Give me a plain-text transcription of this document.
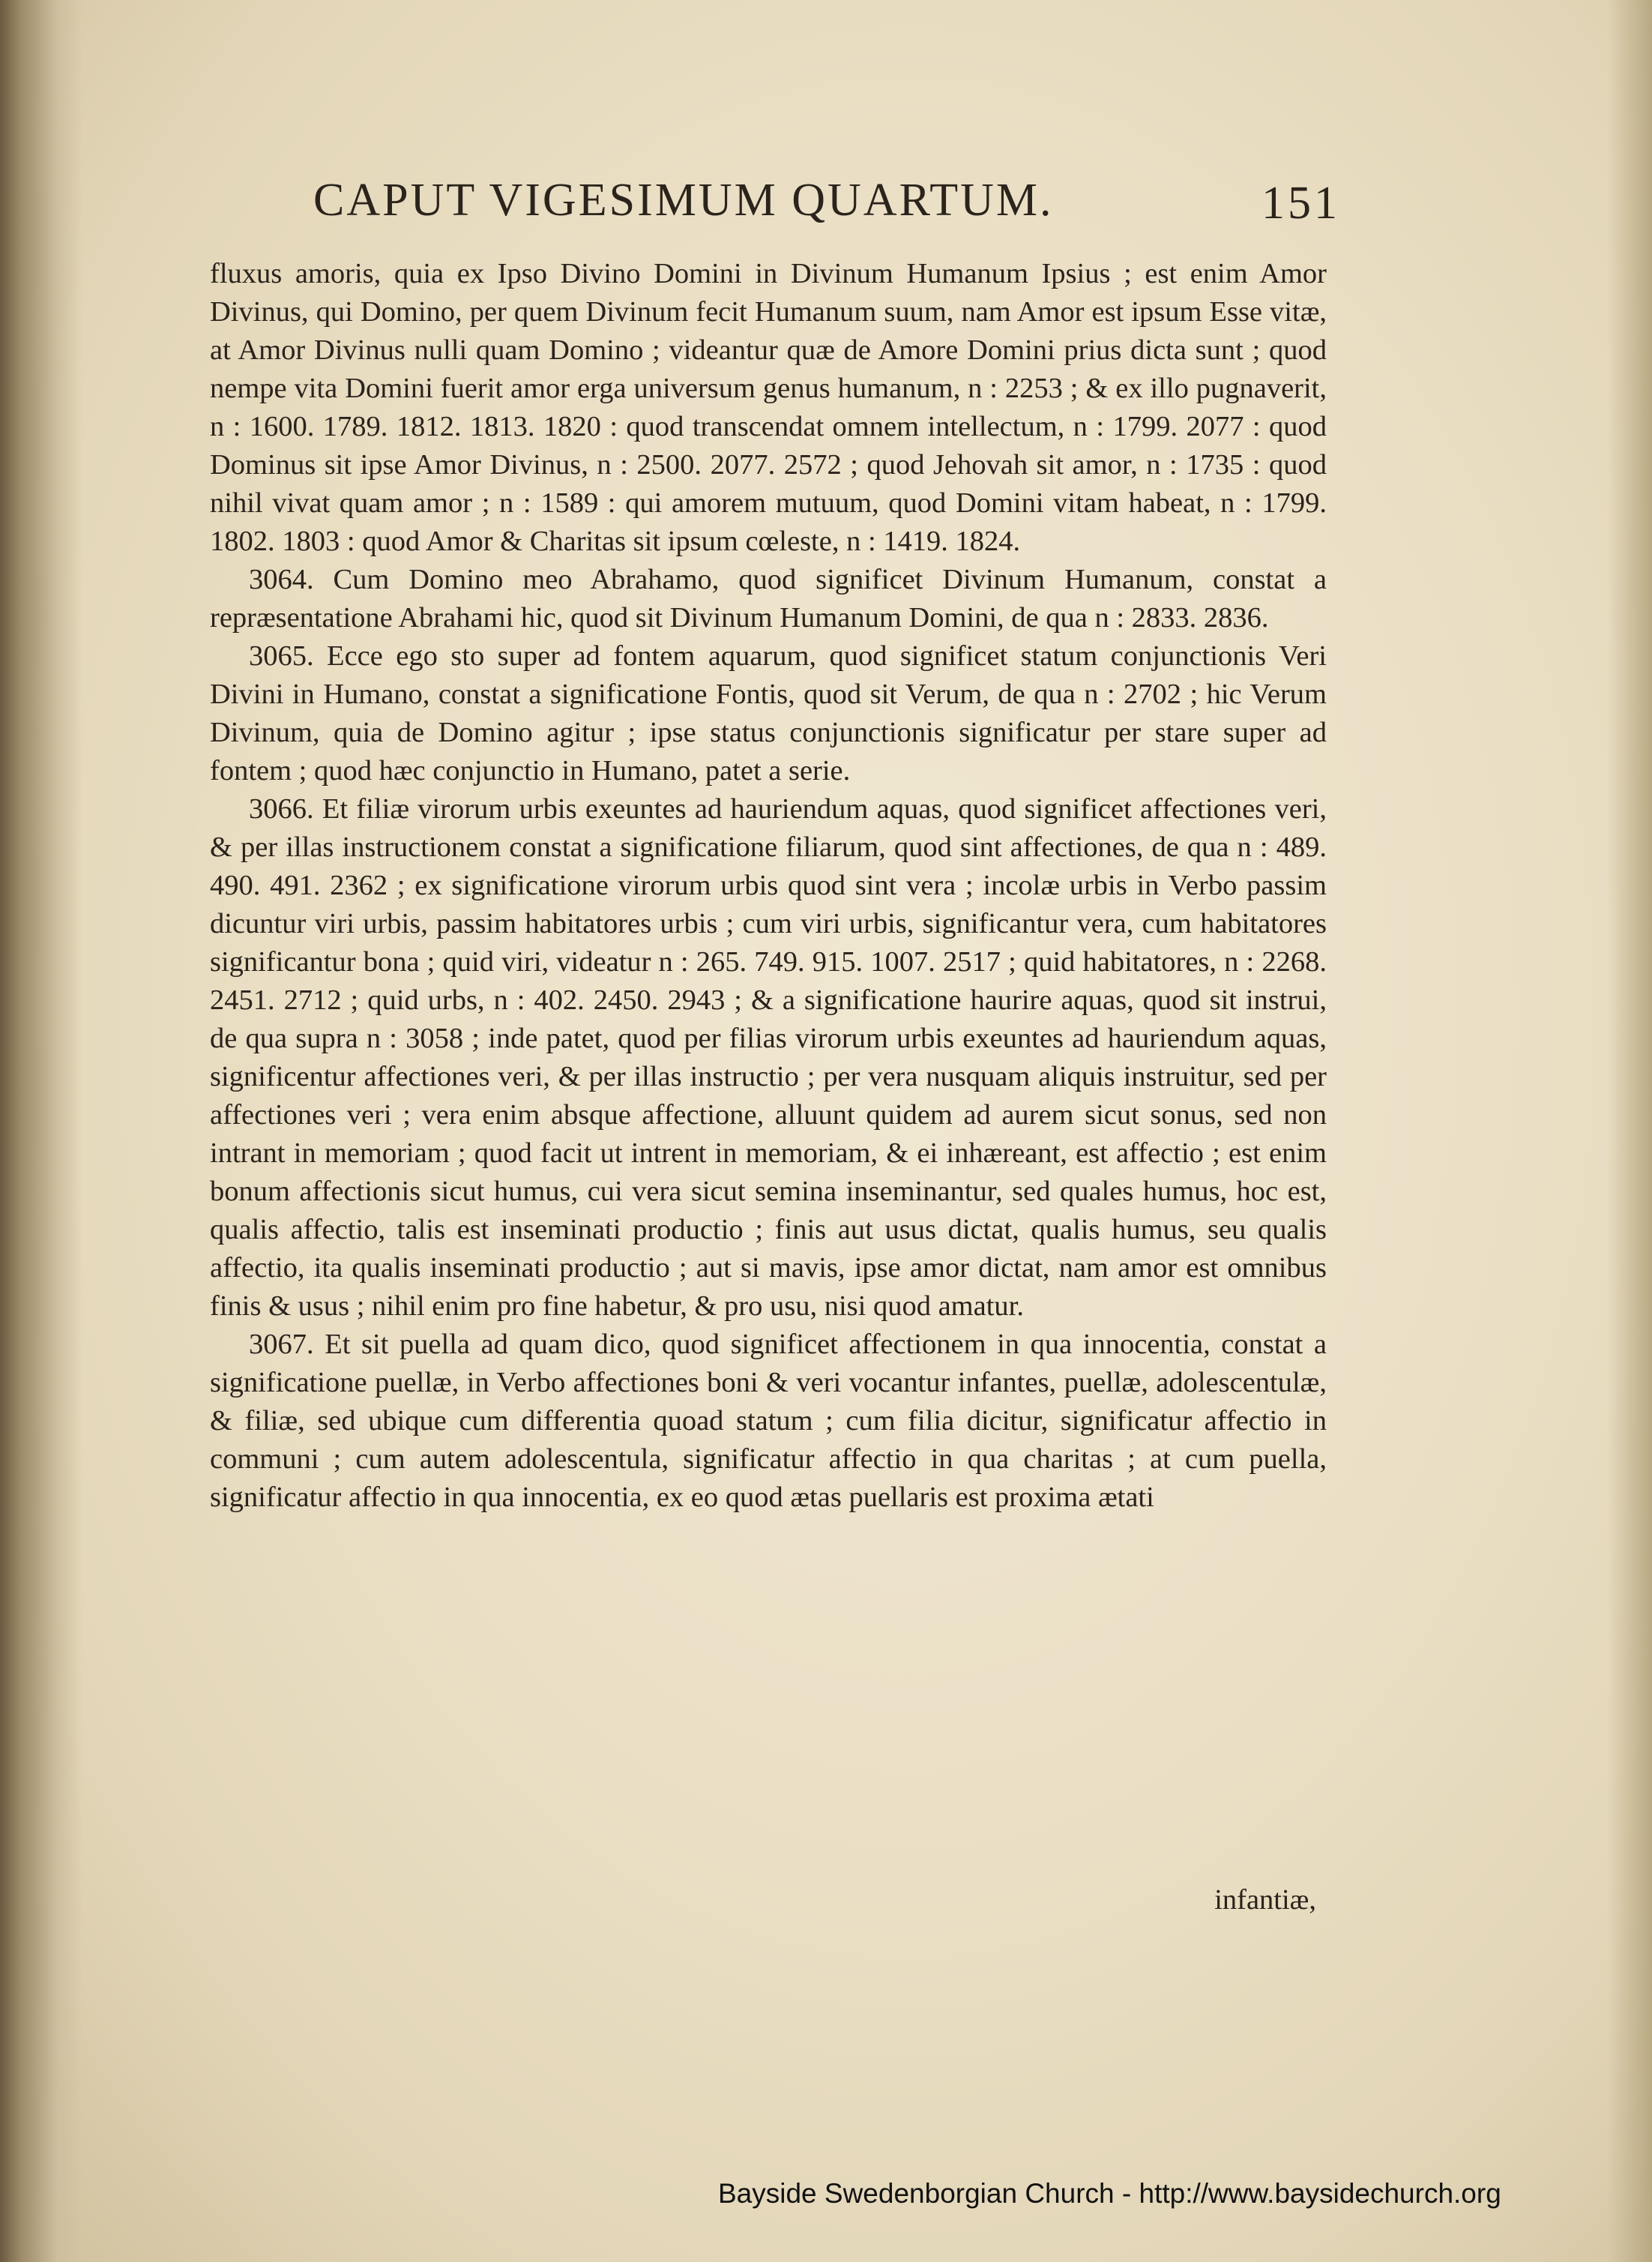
CAPUT VIGESIMUM QUARTUM.	151

fluxus amoris, quia ex Ipso Divino Domini in Divinum Humanum Ipsius ; est enim Amor Divinus, qui Domino, per quem Divinum fecit Humanum suum, nam Amor est ipsum Esse vitæ, at Amor Divinus nulli quam Domino ; videantur quæ de Amore Domini prius dicta sunt ; quod nempe vita Domini fuerit amor erga universum genus humanum, n : 2253 ; & ex illo pugnaverit, n : 1600. 1789. 1812. 1813. 1820 : quod transcendat omnem intellectum, n : 1799. 2077 : quod Dominus sit ipse Amor Divinus, n : 2500. 2077. 2572 ; quod Jehovah sit amor, n : 1735 : quod nihil vivat quam amor ; n : 1589 : qui amorem mutuum, quod Domini vitam habeat, n : 1799. 1802. 1803 : quod Amor & Charitas sit ipsum cœleste, n : 1419. 1824.

3064. Cum Domino meo Abrahamo, quod significet Divinum Humanum, constat a repræsentatione Abrahami hic, quod sit Divinum Humanum Domini, de qua n : 2833. 2836.

3065. Ecce ego sto super ad fontem aquarum, quod significet statum conjunctionis Veri Divini in Humano, constat a significatione Fontis, quod sit Verum, de qua n : 2702 ; hic Verum Divinum, quia de Domino agitur ; ipse status conjunctionis significatur per stare super ad fontem ; quod hæc conjunctio in Humano, patet a serie.

3066. Et filiæ virorum urbis exeuntes ad hauriendum aquas, quod significet affectiones veri, & per illas instructionem constat a significatione filiarum, quod sint affectiones, de qua n : 489. 490. 491. 2362 ; ex significatione virorum urbis quod sint vera ; incolæ urbis in Verbo passim dicuntur viri urbis, passim habitatores urbis ; cum viri urbis, significantur vera, cum habitatores significantur bona ; quid viri, videatur n : 265. 749. 915. 1007. 2517 ; quid habitatores, n : 2268. 2451. 2712 ; quid urbs, n : 402. 2450. 2943 ; & a significatione haurire aquas, quod sit instrui, de qua supra n : 3058 ; inde patet, quod per filias virorum urbis exeuntes ad hauriendum aquas, significentur affectiones veri, & per illas instructio ; per vera nusquam aliquis instruitur, sed per affectiones veri ; vera enim absque affectione, alluunt quidem ad aurem sicut sonus, sed non intrant in memoriam ; quod facit ut intrent in memoriam, & ei inhæreant, est affectio ; est enim bonum affectionis sicut humus, cui vera sicut semina inseminantur, sed quales humus, hoc est, qualis affectio, talis est inseminati productio ; finis aut usus dictat, qualis humus, seu qualis affectio, ita qualis inseminati productio ; aut si mavis, ipse amor dictat, nam amor est omnibus finis & usus ; nihil enim pro fine habetur, & pro usu, nisi quod amatur.

3067. Et sit puella ad quam dico, quod significet affectionem in qua innocentia, constat a significatione puellæ, in Verbo affectiones boni & veri vocantur infantes, puellæ, adolescentulæ, & filiæ, sed ubique cum differentia quoad statum ; cum filia dicitur, significatur affectio in communi ; cum autem adolescentula, significatur affectio in qua charitas ; at cum puella, significatur affectio in qua innocentia, ex eo quod ætas puellaris est proxima ætati

infantiæ,
Bayside Swedenborgian Church - http://www.baysidechurch.org
